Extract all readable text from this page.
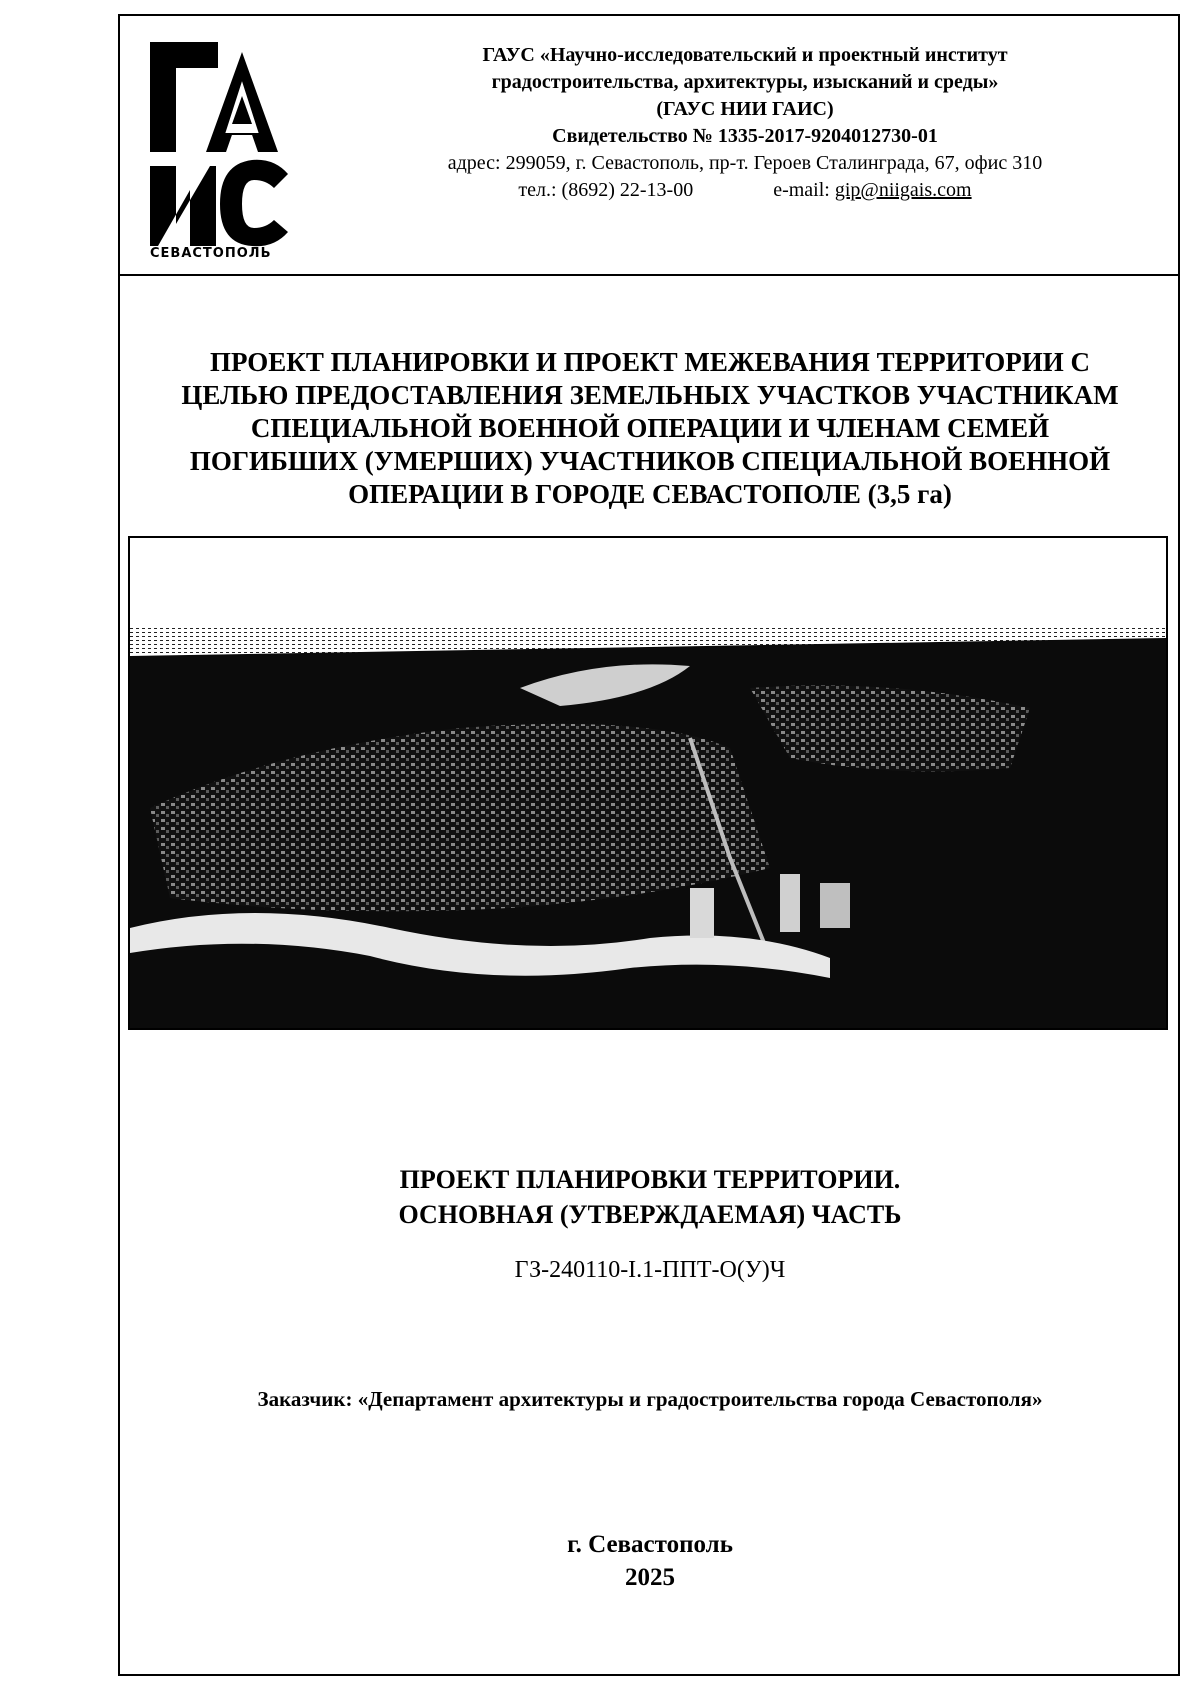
СЕВАСТОПОЛЬ
ГАУС «Научно-исследовательский и проектный институт
градостроительства, архитектуры, изысканий и среды»
(ГАУС НИИ ГАИС)
Свидетельство № 1335-2017-9204012730-01
адрес: 299059, г. Севастополь, пр-т. Героев Сталинграда, 67, офис 310
тел.: (8692) 22-13-00	e-mail: gip@niigais.com
ПРОЕКТ ПЛАНИРОВКИ И ПРОЕКТ МЕЖЕВАНИЯ ТЕРРИТОРИИ С
ЦЕЛЬЮ ПРЕДОСТАВЛЕНИЯ ЗЕМЕЛЬНЫХ УЧАСТКОВ УЧАСТНИКАМ
СПЕЦИАЛЬНОЙ ВОЕННОЙ ОПЕРАЦИИ И ЧЛЕНАМ СЕМЕЙ
ПОГИБШИХ (УМЕРШИХ) УЧАСТНИКОВ СПЕЦИАЛЬНОЙ ВОЕННОЙ
ОПЕРАЦИИ В ГОРОДЕ СЕВАСТОПОЛЕ (3,5 га)
ПРОЕКТ ПЛАНИРОВКИ ТЕРРИТОРИИ.
ОСНОВНАЯ (УТВЕРЖДАЕМАЯ) ЧАСТЬ
ГЗ-240110-I.1-ППТ-О(У)Ч
Заказчик: «Департамент архитектуры и градостроительства города Севастополя»
г. Севастополь
2025
